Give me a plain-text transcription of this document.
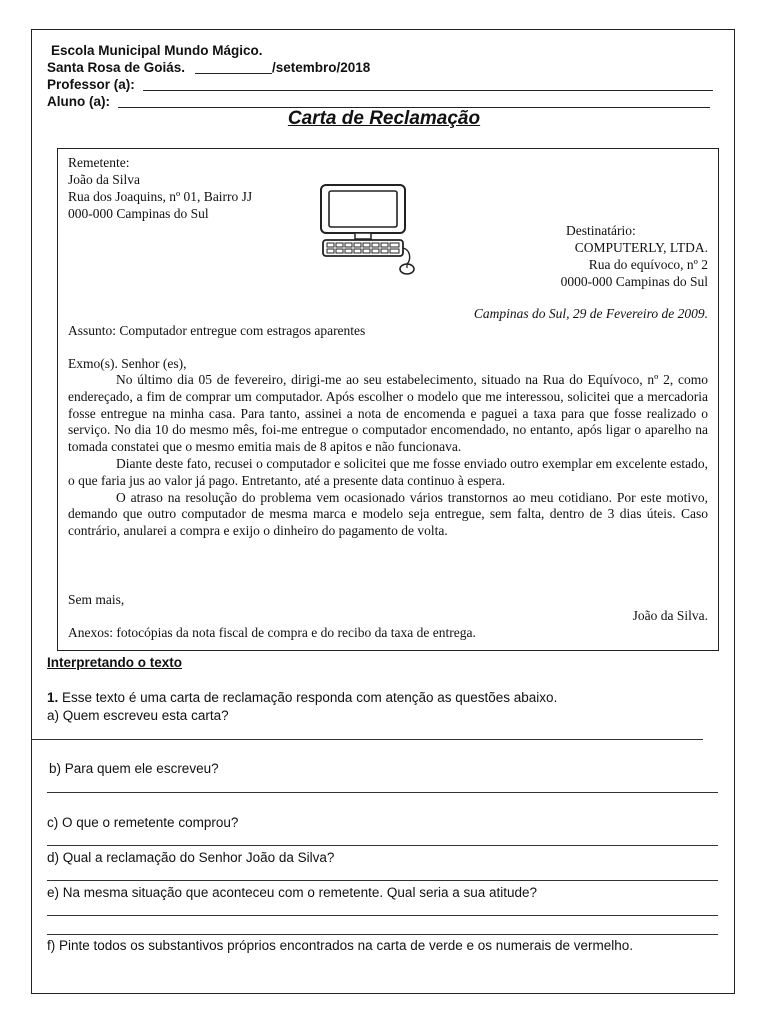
Escola Municipal Mundo Mágico.
Santa Rosa de Goiás.	/setembro/2018
Professor (a):
Aluno (a):
Carta de Reclamação
Remetente:
João da Silva
Rua dos Joaquins, nº 01, Bairro JJ
000-000 Campinas do Sul
Destinatário:
COMPUTERLY, LTDA.
Rua do equívoco, nº 2
0000-000 Campinas do Sul
Campinas do Sul, 29 de Fevereiro de 2009.
Assunto: Computador entregue com estragos aparentes
Exmo(s). Senhor (es),

No último dia 05 de fevereiro, dirigi-me ao seu estabelecimento, situado na Rua do Equívoco, nº 2, como endereçado, a fim de comprar um computador. Após escolher o modelo que me interessou, solicitei que a mercadoria fosse entregue na minha casa. Para tanto, assinei a nota de encomenda e paguei a taxa para que fosse realizado o serviço. No dia 10 do mesmo mês, foi-me entregue o computador encomendado, no entanto, após ligar o aparelho na tomada constatei que o mesmo emitia mais de 8 apitos e não funcionava.

Diante deste fato, recusei o computador e solicitei que me fosse enviado outro exemplar em excelente estado, o que faria jus ao valor já pago. Entretanto, até a presente data continuo à espera.

O atraso na resolução do problema vem ocasionado vários transtornos ao meu cotidiano. Por este motivo, demando que outro computador de mesma marca e modelo seja entregue, sem falta, dentro de 3 dias úteis. Caso contrário, anularei a compra e exijo o dinheiro do pagamento de volta.

Sem mais,
João da Silva.
Anexos: fotocópias da nota fiscal de compra e do recibo da taxa de entrega.
Interpretando o texto
1. Esse texto é uma carta de reclamação responda com atenção as questões abaixo.
a) Quem escreveu esta carta?
b) Para quem ele escreveu?
c) O que o remetente comprou?
d) Qual a reclamação do Senhor João da Silva?
e) Na mesma situação que aconteceu com o remetente. Qual seria a sua atitude?
f) Pinte todos os substantivos próprios encontrados na carta de verde e os numerais de vermelho.
